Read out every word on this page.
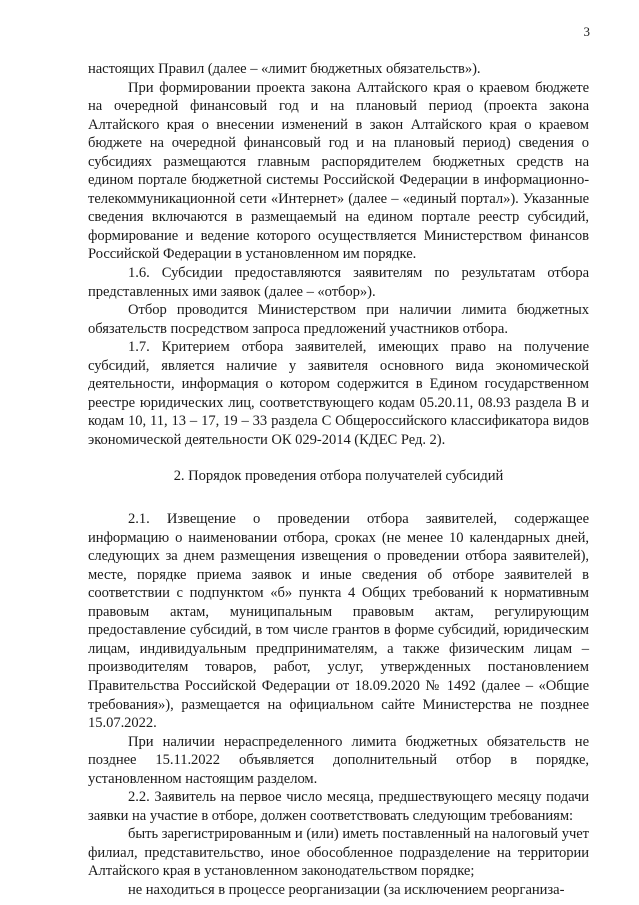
3

настоящих Правил (далее – «лимит бюджетных обязательств»).

При формировании проекта закона Алтайского края о краевом бюджете на очередной финансовый год и на плановый период (проекта закона Алтайского края о внесении изменений в закон Алтайского края о краевом бюджете на очередной финансовый год и на плановый период) сведения о субсидиях размещаются главным распорядителем бюджетных средств на едином портале бюджетной системы Российской Федерации в информационно-телекоммуникационной сети «Интернет» (далее – «единый портал»). Указанные сведения включаются в размещаемый на едином портале реестр субсидий, формирование и ведение которого осуществляется Министерством финансов Российской Федерации в установленном им порядке.

1.6. Субсидии предоставляются заявителям по результатам отбора представленных ими заявок (далее – «отбор»).

Отбор проводится Министерством при наличии лимита бюджетных обязательств посредством запроса предложений участников отбора.

1.7. Критерием отбора заявителей, имеющих право на получение субсидий, является наличие у заявителя основного вида экономической деятельности, информация о котором содержится в Едином государственном реестре юридических лиц, соответствующего кодам 05.20.11, 08.93 раздела B и кодам 10, 11, 13 – 17, 19 – 33 раздела C Общероссийского классификатора видов экономической деятельности ОК 029-2014 (КДЕС Ред. 2).

2. Порядок проведения отбора получателей субсидий

2.1. Извещение о проведении отбора заявителей, содержащее информацию о наименовании отбора, сроках (не менее 10 календарных дней, следующих за днем размещения извещения о проведении отбора заявителей), месте, порядке приема заявок и иные сведения об отборе заявителей в соответствии с подпунктом «б» пункта 4 Общих требований к нормативным правовым актам, муниципальным правовым актам, регулирующим предоставление субсидий, в том числе грантов в форме субсидий, юридическим лицам, индивидуальным предпринимателям, а также физическим лицам – производителям товаров, работ, услуг, утвержденных постановлением Правительства Российской Федерации от 18.09.2020 № 1492 (далее – «Общие требования»), размещается на официальном сайте Министерства не позднее 15.07.2022.

При наличии нераспределенного лимита бюджетных обязательств не позднее 15.11.2022 объявляется дополнительный отбор в порядке, установленном настоящим разделом.

2.2. Заявитель на первое число месяца, предшествующего месяцу подачи заявки на участие в отборе, должен соответствовать следующим требованиям:

быть зарегистрированным и (или) иметь поставленный на налоговый учет филиал, представительство, иное обособленное подразделение на территории Алтайского края в установленном законодательством порядке;

не находиться в процессе реорганизации (за исключением реорганиза-
